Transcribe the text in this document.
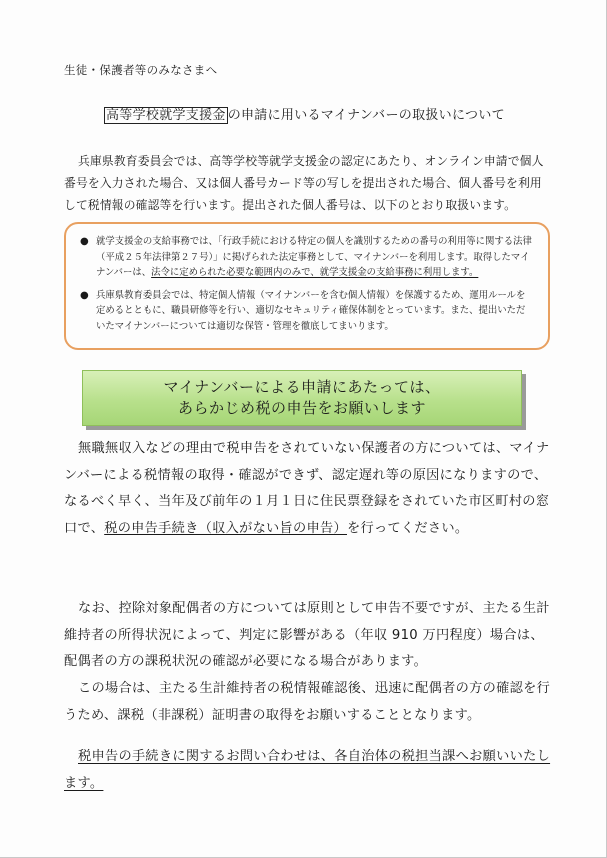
生徒・保護者等のみなさまへ
高等学校就学支援金 の申請に用いるマイナンバーの取扱いについて
兵庫県教育委員会では、高等学校等就学支援金の認定にあたり、オンライン申請で個人番号を入力された場合、又は個人番号カード等の写しを提出された場合、個人番号を利用して税情報の確認等を行います。提出された個人番号は、以下のとおり取扱います。
● 就学支援金の支給事務では、「行政手続における特定の個人を識別するための番号の利用等に関する法律（平成２５年法律第２７号）」に掲げられた法定事務として、マイナンバーを利用します。取得したマイナンバーは、法令に定められた必要な範囲内のみで、就学支援金の支給事務に利用します。
● 兵庫県教育委員会では、特定個人情報（マイナンバーを含む個人情報）を保護するため、運用ルールを定めるとともに、職員研修等を行い、適切なセキュリティ確保体制をとっています。また、提出いただいたマイナンバーについては適切な保管・管理を徹底してまいります。
マイナンバーによる申請にあたっては、
あらかじめ税の申告をお願いします
無職無収入などの理由で税申告をされていない保護者の方については、マイナンバーによる税情報の取得・確認ができず、認定遅れ等の原因になりますので、なるべく早く、当年及び前年の１月１日に住民票登録をされていた市区町村の窓口で、税の申告手続き（収入がない旨の申告）を行ってください。
なお、控除対象配偶者の方については原則として申告不要ですが、主たる生計維持者の所得状況によって、判定に影響がある（年収 910 万円程度）場合は、配偶者の方の課税状況の確認が必要になる場合があります。
この場合は、主たる生計維持者の税情報確認後、迅速に配偶者の方の確認を行うため、課税（非課税）証明書の取得をお願いすることとなります。
税申告の手続きに関するお問い合わせは、各自治体の税担当課へお願いいたします。
